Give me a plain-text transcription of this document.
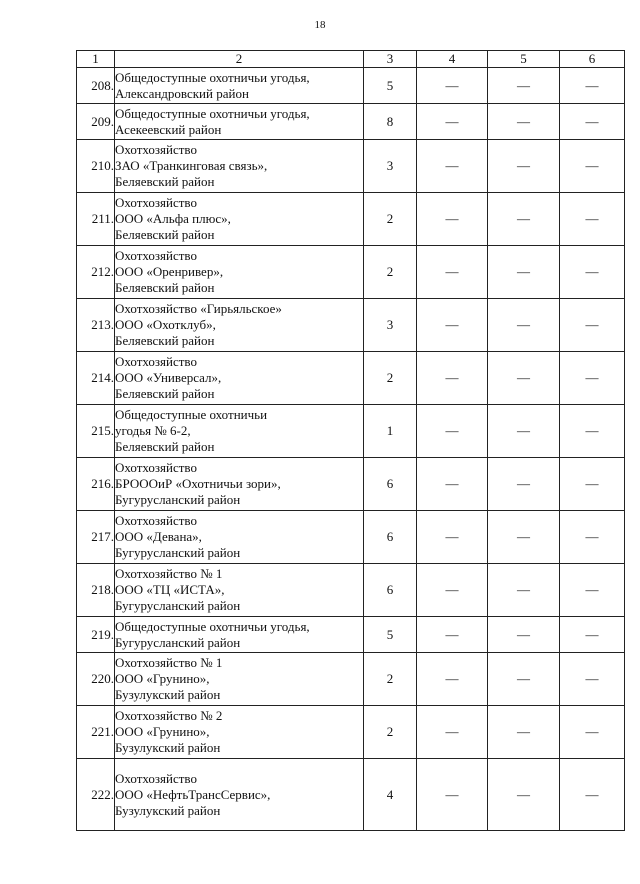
18
1	2	3	4	5	6
208.	Общедоступные охотничьи угодья,
Александровский район	5	—	—	—
209.	Общедоступные охотничьи угодья,
Асекеевский район	8	—	—	—
210.	Охотхозяйство
ЗАО «Транкинговая связь»,
Беляевский район	3	—	—	—
211.	Охотхозяйство
ООО «Альфа плюс»,
Беляевский район	2	—	—	—
212.	Охотхозяйство
ООО «Оренривер»,
Беляевский район	2	—	—	—
213.	Охотхозяйство «Гирьяльское»
ООО «Охотклуб»,
Беляевский район	3	—	—	—
214.	Охотхозяйство
ООО «Универсал»,
Беляевский район	2	—	—	—
215.	Общедоступные охотничьи
угодья № 6-2,
Беляевский район	1	—	—	—
216.	Охотхозяйство
БРОООиР «Охотничьи зори»,
Бугурусланский район	6	—	—	—
217.	Охотхозяйство
ООО «Девана»,
Бугурусланский район	6	—	—	—
218.	Охотхозяйство № 1
ООО «ТЦ «ИСТА»,
Бугурусланский район	6	—	—	—
219.	Общедоступные охотничьи угодья,
Бугурусланский район	5	—	—	—
220.	Охотхозяйство № 1
ООО «Грунино»,
Бузулукский район	2	—	—	—
221.	Охотхозяйство № 2
ООО «Грунино»,
Бузулукский район	2	—	—	—
222.	Охотхозяйство
ООО «НефтьТрансСервис»,
Бузулукский район	4	—	—	—
